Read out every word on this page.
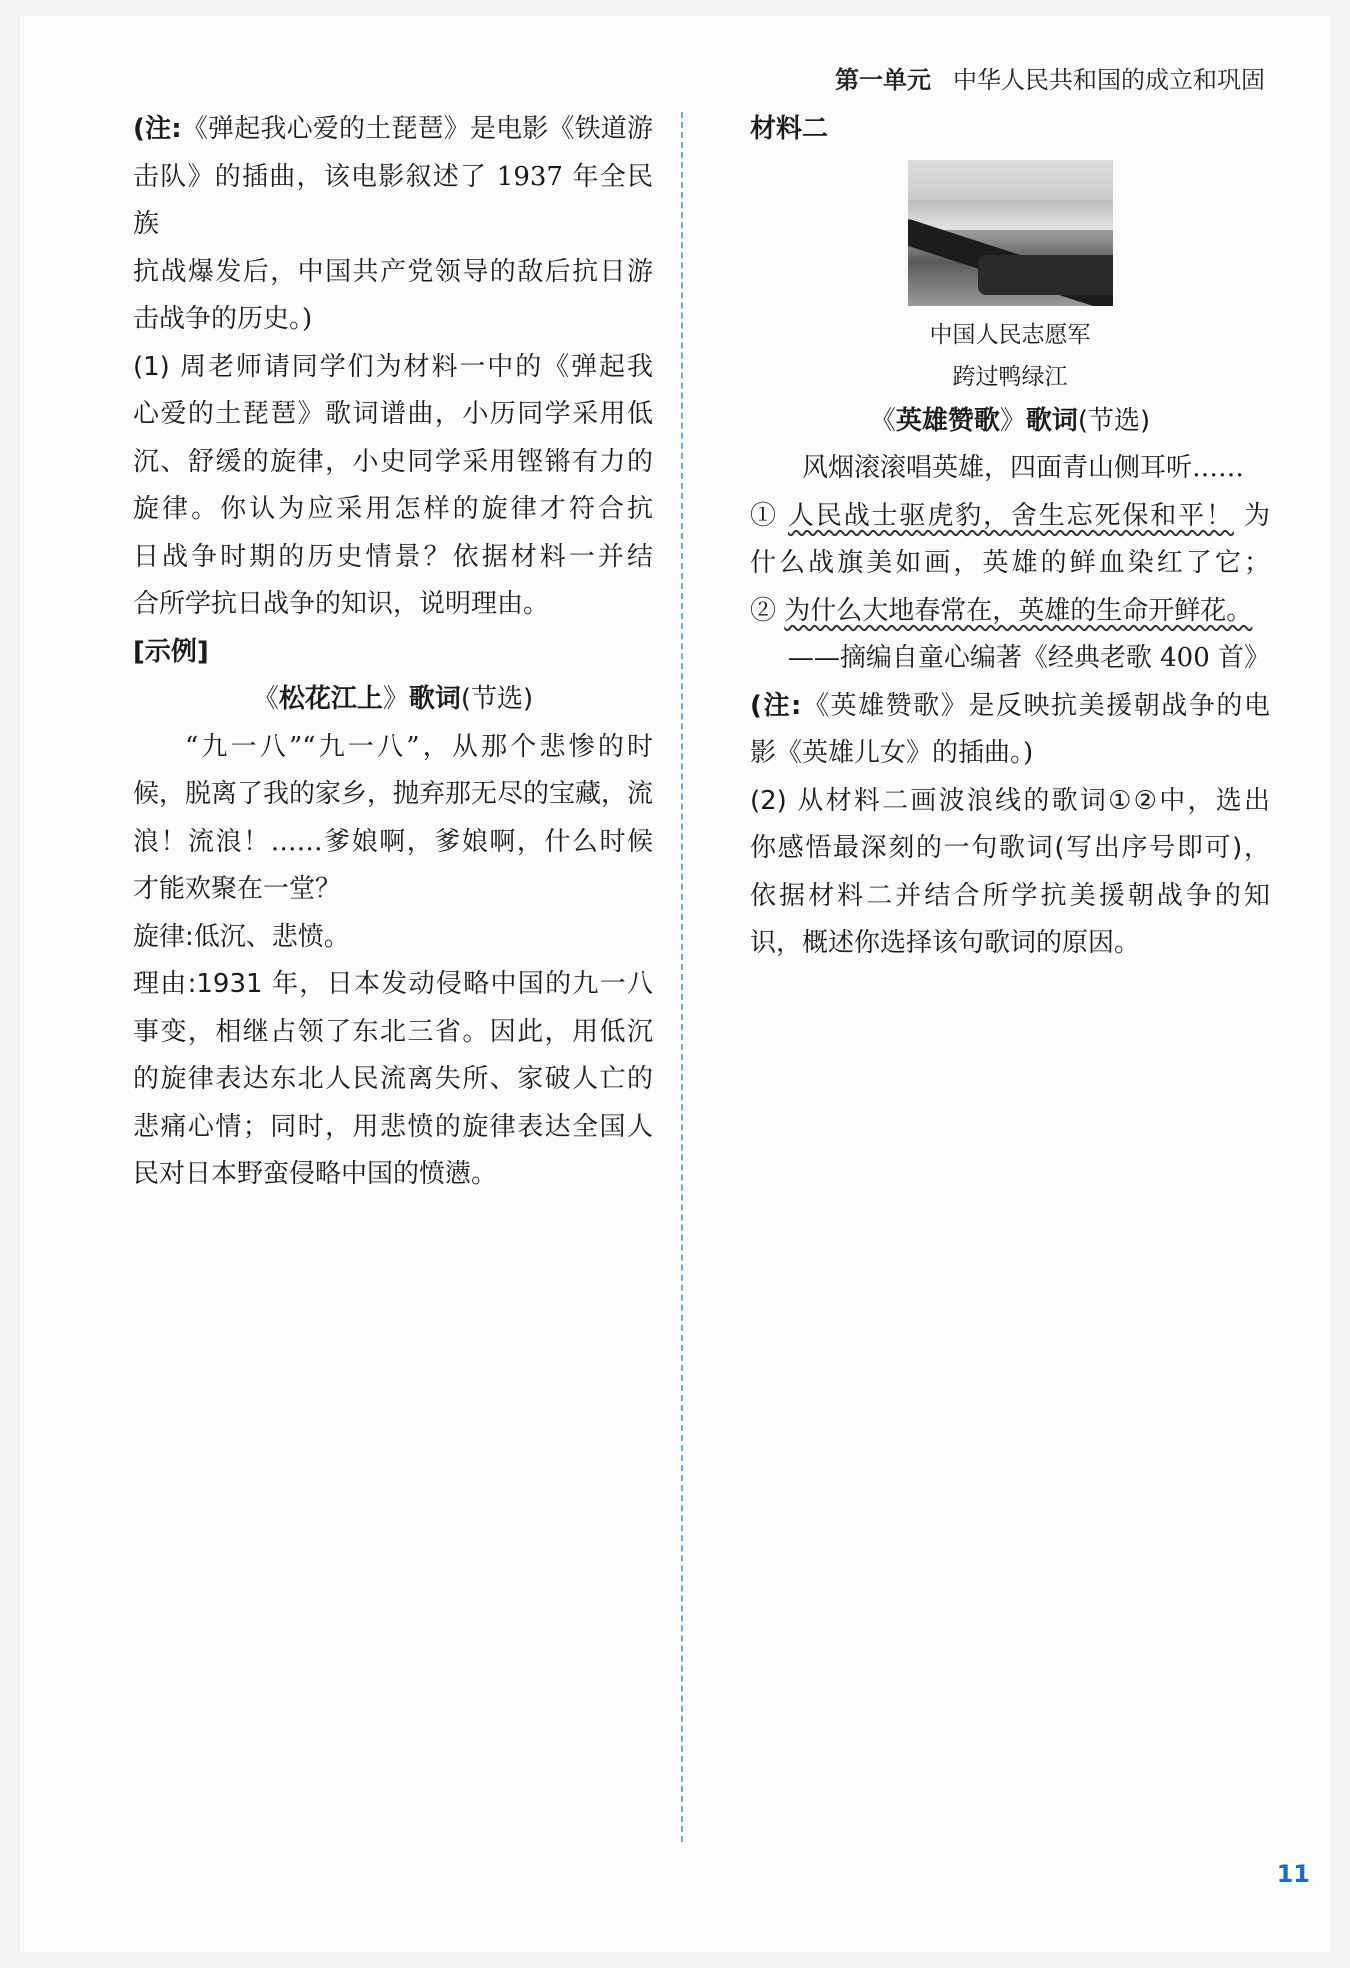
第一单元 中华人民共和国的成立和巩固

(注:《弹起我心爱的土琵琶》是电影《铁道游

击队》的插曲，该电影叙述了 1937 年全民族

抗战爆发后，中国共产党领导的敌后抗日游

击战争的历史。)

(1) 周老师请同学们为材料一中的《弹起我

心爱的土琵琶》歌词谱曲，小历同学采用低

沉、舒缓的旋律，小史同学采用铿锵有力的

旋律。你认为应采用怎样的旋律才符合抗

日战争时期的历史情景？依据材料一并结

合所学抗日战争的知识，说明理由。

[示例]

《松花江上》歌词(节选)

“九一八”“九一八”，从那个悲惨的时

候，脱离了我的家乡，抛弃那无尽的宝藏，流

浪！流浪！……爹娘啊，爹娘啊，什么时候

才能欢聚在一堂？

旋律:低沉、悲愤。

理由:1931 年，日本发动侵略中国的九一八

事变，相继占领了东北三省。因此，用低沉

的旋律表达东北人民流离失所、家破人亡的

悲痛心情；同时，用悲愤的旋律表达全国人

民对日本野蛮侵略中国的愤懑。

材料二

中国人民志愿军
跨过鸭绿江

《英雄赞歌》歌词(节选)

风烟滚滚唱英雄，四面青山侧耳听……

① 人民战士驱虎豹，舍生忘死保和平！ 为

什么战旗美如画，英雄的鲜血染红了它；

② 为什么大地春常在，英雄的生命开鲜花。

——摘编自童心编著《经典老歌 400 首》

(注:《英雄赞歌》是反映抗美援朝战争的电

影《英雄儿女》的插曲。)

(2) 从材料二画波浪线的歌词①②中，选出

你感悟最深刻的一句歌词(写出序号即可)，

依据材料二并结合所学抗美援朝战争的知

识，概述你选择该句歌词的原因。

11
